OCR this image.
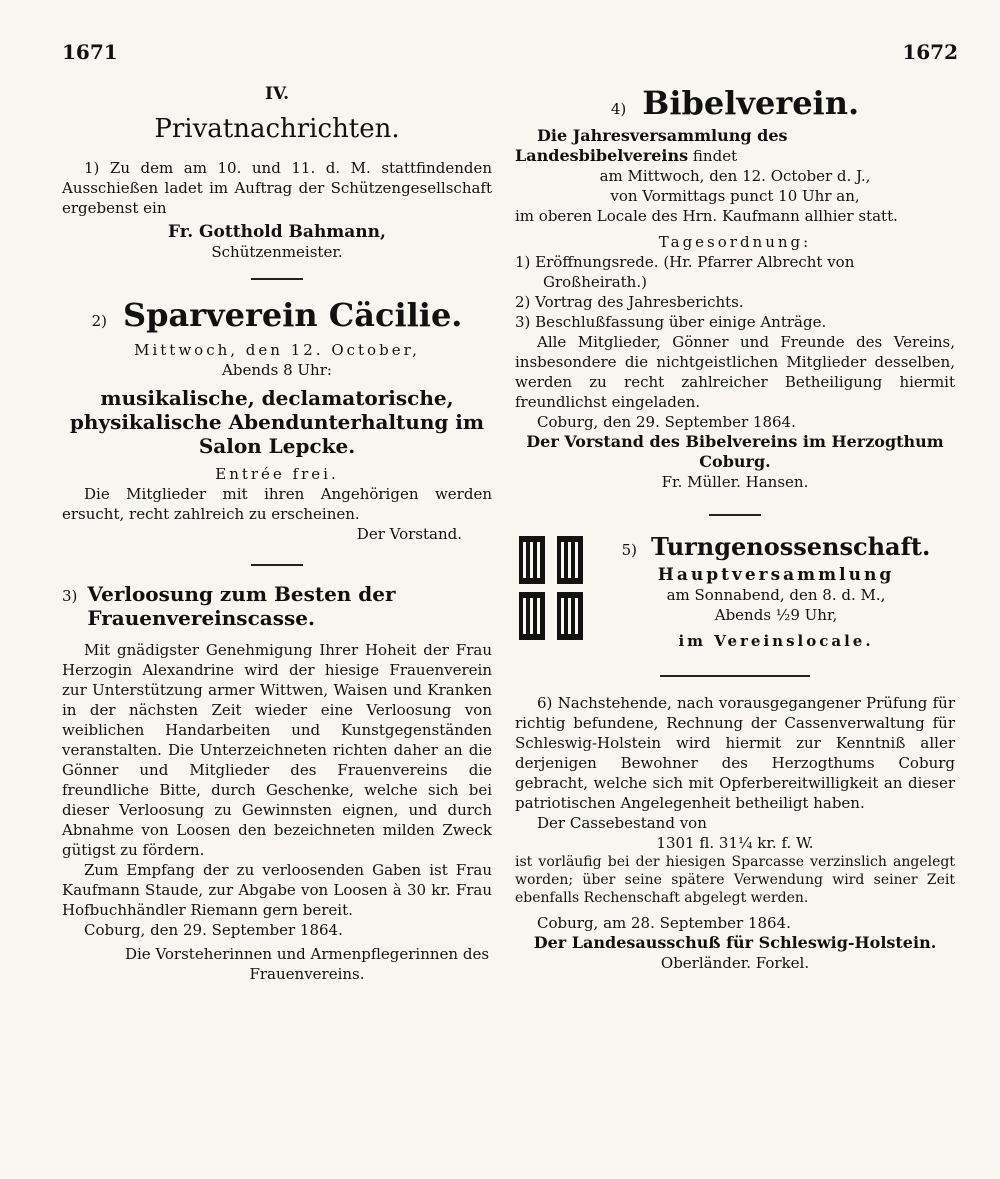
1671	1672
IV.
Privatnachrichten.

1) Zu dem am 10. und 11. d. M. stattfindenden Ausschießen ladet im Auftrag der Schützengesellschaft ergebenst ein

Fr. Gotthold Bahmann,

Schützenmeister.

2) Sparverein Cäcilie.

Mittwoch, den 12. October,

Abends 8 Uhr:

musikalische, declamatorische, physikalische Abendunterhaltung im Salon Lepcke.

Entrée frei.

Die Mitglieder mit ihren Angehörigen werden ersucht, recht zahlreich zu erscheinen.

Der Vorstand.

3) Verloosung zum Besten der Frauenvereinscasse.

Mit gnädigster Genehmigung Ihrer Hoheit der Frau Herzogin Alexandrine wird der hiesige Frauenverein zur Unterstützung armer Wittwen, Waisen und Kranken in der nächsten Zeit wieder eine Verloosung von weiblichen Handarbeiten und Kunstgegenständen veranstalten. Die Unterzeichneten richten daher an die Gönner und Mitglieder des Frauenvereins die freundliche Bitte, durch Geschenke, welche sich bei dieser Verloosung zu Gewinnsten eignen, und durch Abnahme von Loosen den bezeichneten milden Zweck gütigst zu fördern.

Zum Empfang der zu verloosenden Gaben ist Frau Kaufmann Staude, zur Abgabe von Loosen à 30 kr. Frau Hofbuchhändler Riemann gern bereit.

Coburg, den 29. September 1864.

Die Vorsteherinnen und Armenpflegerinnen des Frauenvereins.

4) Bibelverein.

Die Jahresversammlung des Landesbibelvereins findet

am Mittwoch, den 12. October d. J.,

von Vormittags punct 10 Uhr an,

im oberen Locale des Hrn. Kaufmann allhier statt.

Tagesordnung:

1) Eröffnungsrede. (Hr. Pfarrer Albrecht von Großheirath.)

2) Vortrag des Jahresberichts.

3) Beschlußfassung über einige Anträge.

Alle Mitglieder, Gönner und Freunde des Vereins, insbesondere die nichtgeistlichen Mitglieder desselben, werden zu recht zahlreicher Betheiligung hiermit freundlichst eingeladen.

Coburg, den 29. September 1864.

Der Vorstand des Bibelvereins im Herzogthum Coburg.

Fr. Müller. Hansen.

5) Turngenossenschaft.

Hauptversammlung

am Sonnabend, den 8. d. M.,

Abends ½9 Uhr,

im Vereinslocale.

6) Nachstehende, nach vorausgegangener Prüfung für richtig befundene, Rechnung der Cassenverwaltung für Schleswig-Holstein wird hiermit zur Kenntniß aller derjenigen Bewohner des Herzogthums Coburg gebracht, welche sich mit Opferbereitwilligkeit an dieser patriotischen Angelegenheit betheiligt haben.

Der Cassebestand von

1301 fl. 31¼ kr. f. W.

ist vorläufig bei der hiesigen Sparcasse verzinslich angelegt worden; über seine spätere Verwendung wird seiner Zeit ebenfalls Rechenschaft abgelegt werden.

Coburg, am 28. September 1864.

Der Landesausschuß für Schleswig-Holstein.

Oberländer. Forkel.
